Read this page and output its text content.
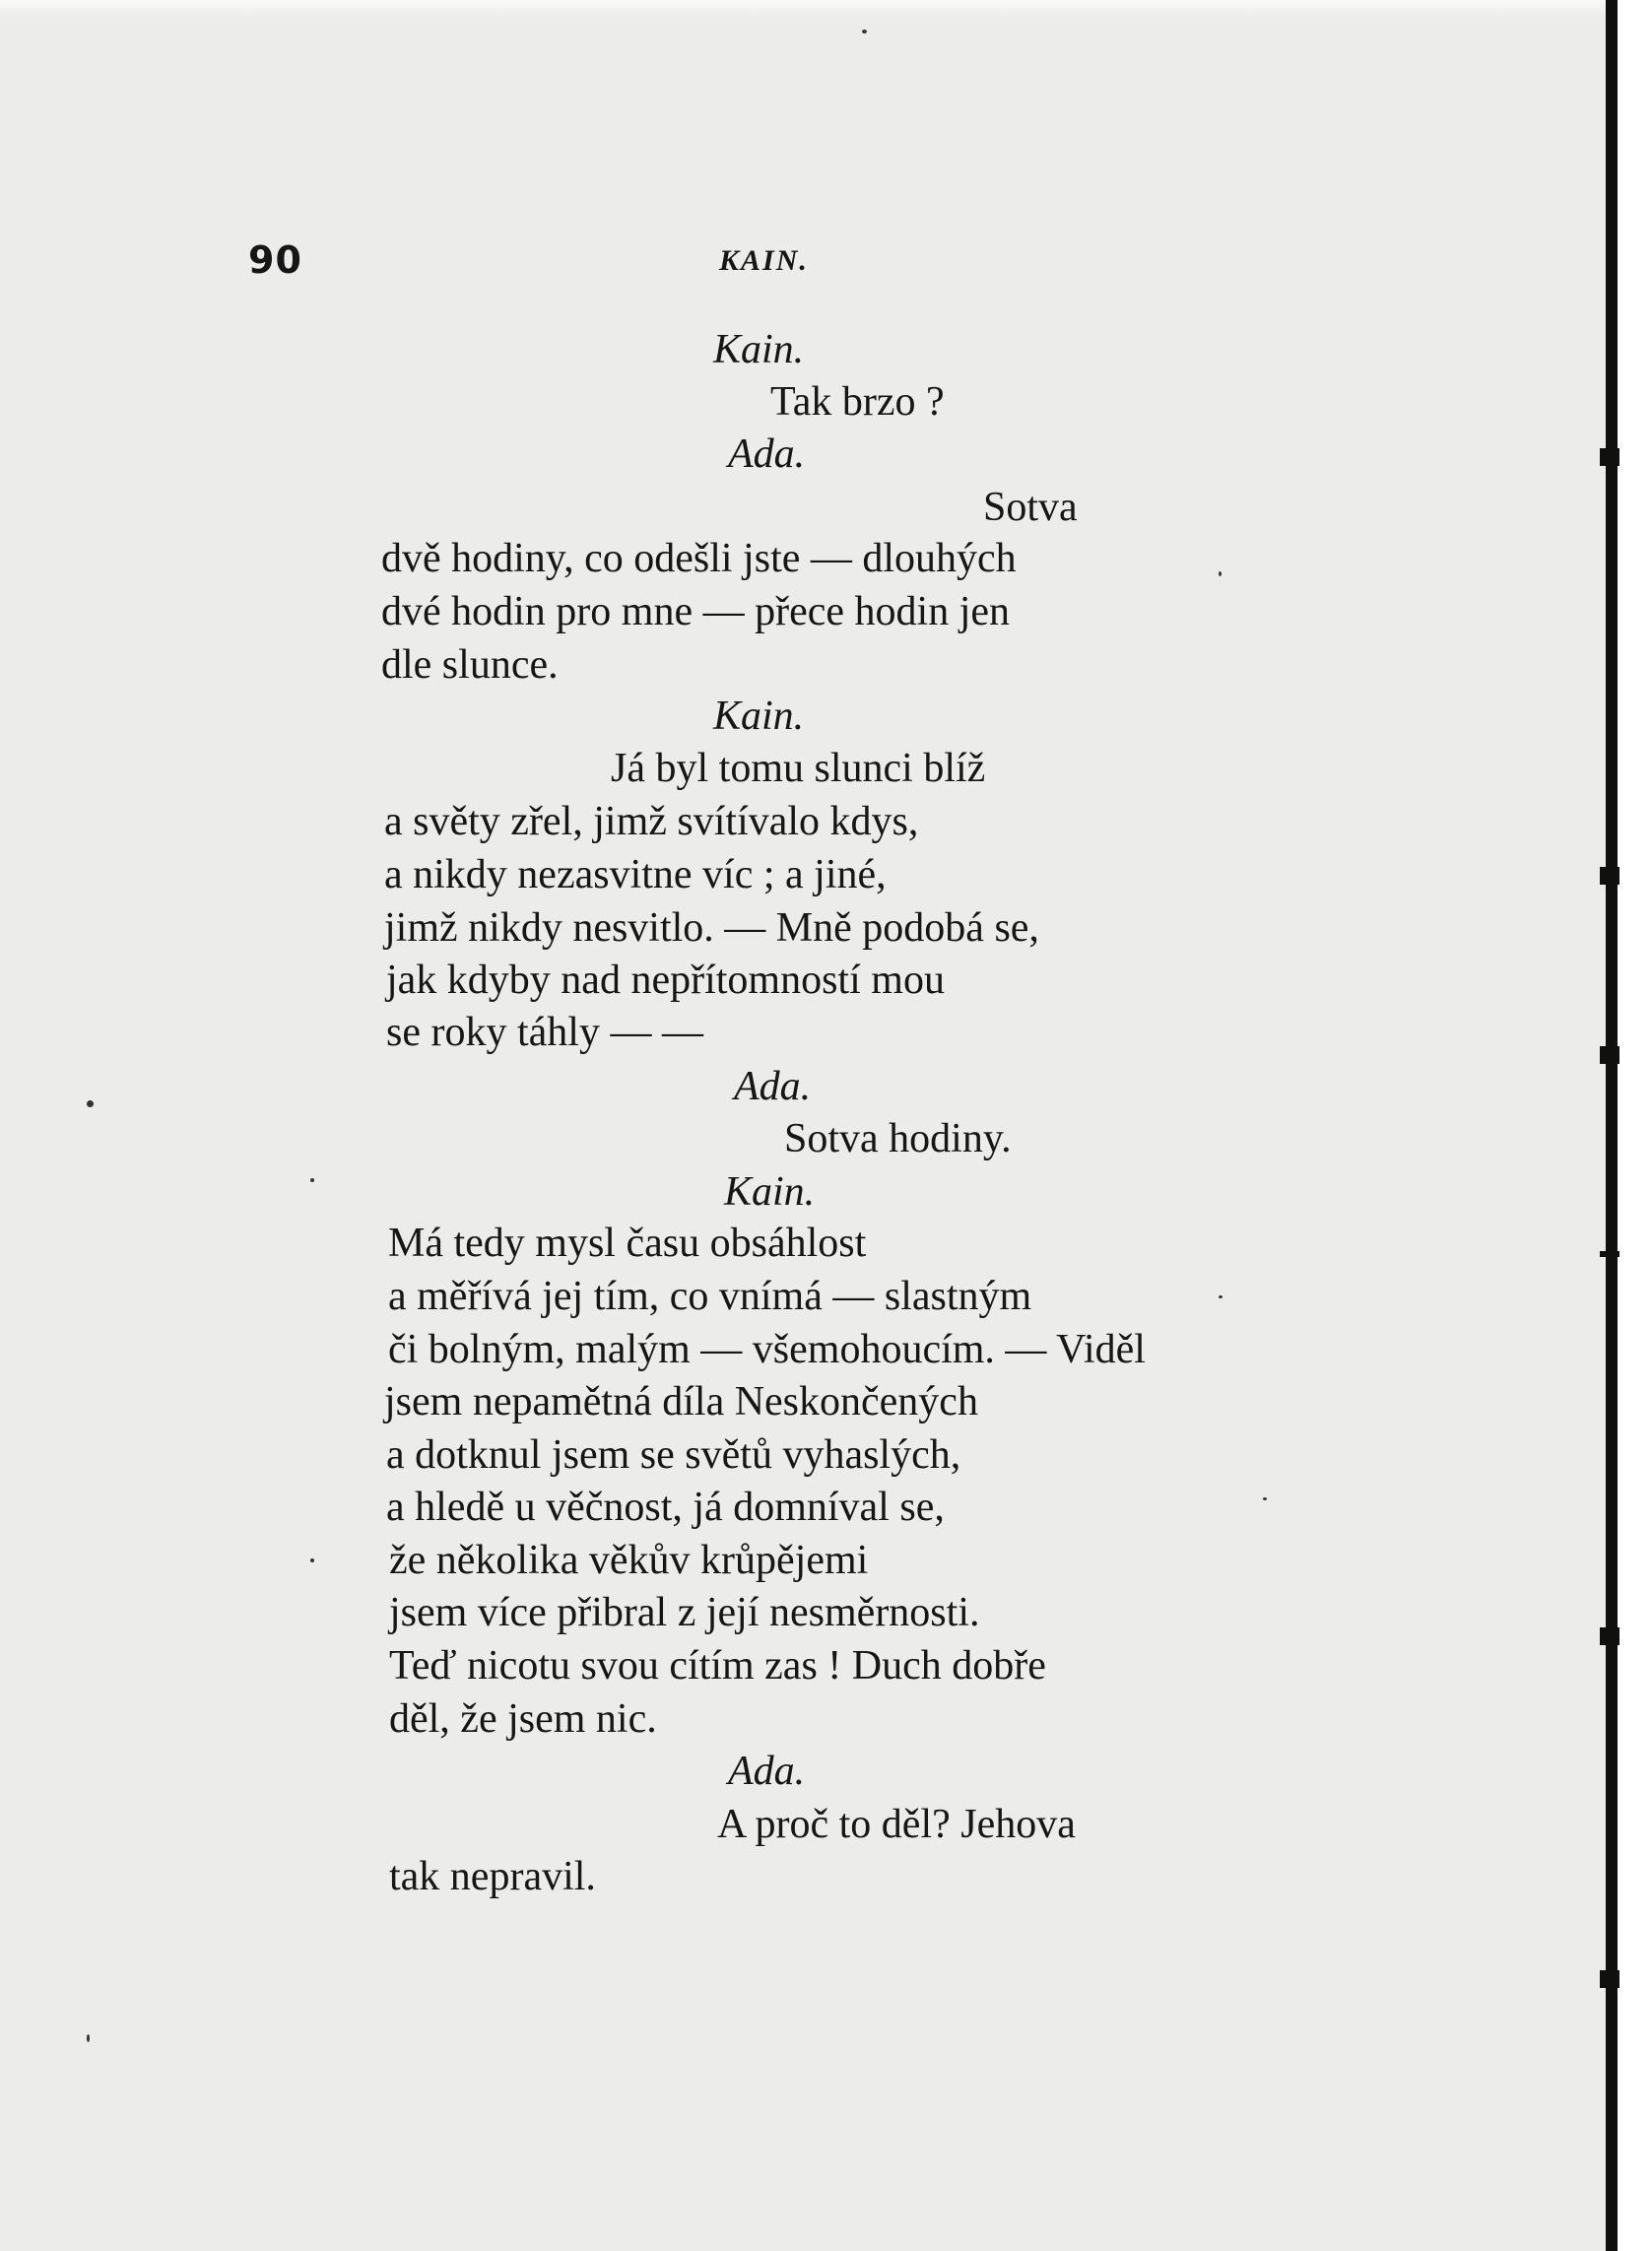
90	KAIN.
Kain.
Tak brzo ?
Ada.
Sotva
dvě hodiny, co odešli jste — dlouhých
dvé hodin pro mne — přece hodin jen
dle slunce.
Kain.
Já byl tomu slunci blíž
a světy zřel, jimž svítívalo kdys,
a nikdy nezasvitne víc ; a jiné,
jimž nikdy nesvitlo. — Mně podobá se,
jak kdyby nad nepřítomností mou
se roky táhly — —
Ada.
Sotva hodiny.
Kain.
Má tedy mysl času obsáhlost
a měřívá jej tím, co vnímá — slastným
či bolným, malým — všemohoucím. — Viděl
jsem nepamětná díla Neskončených
a dotknul jsem se světů vyhaslých,
a hledě u věčnost, já domníval se,
že několika věkův krůpějemi
jsem více přibral z její nesměrnosti.
Teď nicotu svou cítím zas ! Duch dobře
děl, že jsem nic.
Ada.
A proč to děl? Jehova
tak nepravil.
